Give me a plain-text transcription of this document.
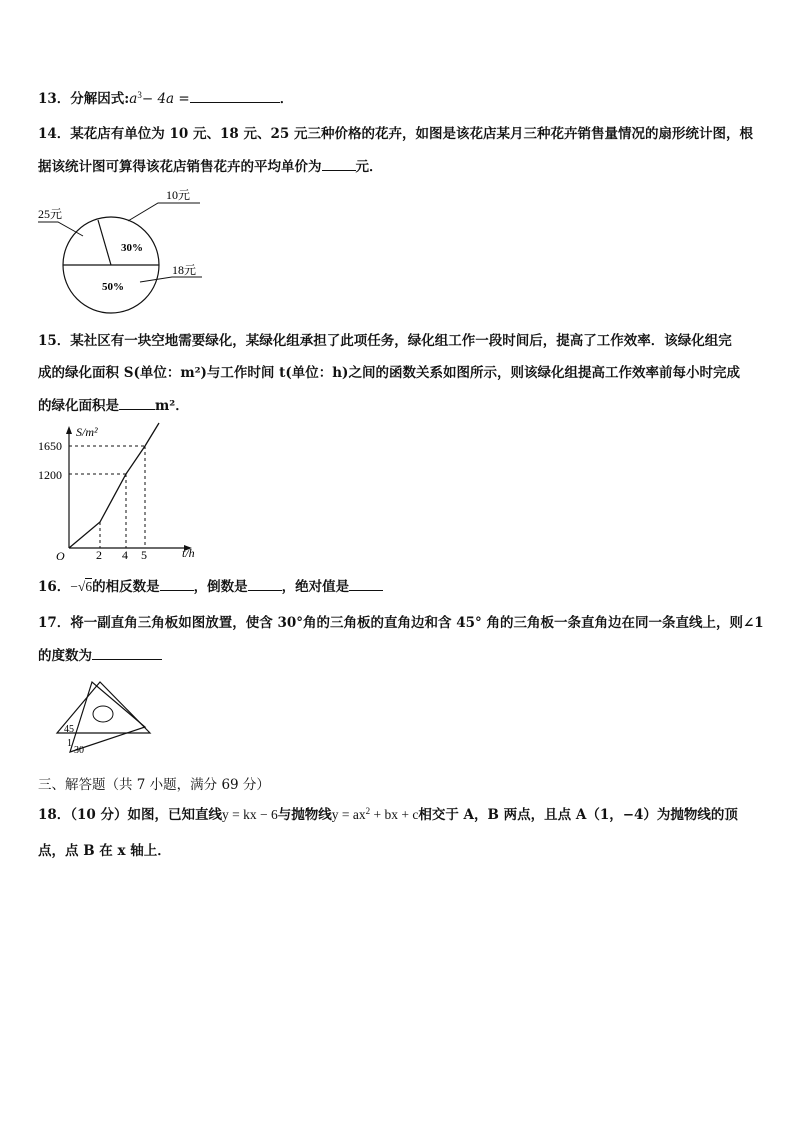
13．分解因式$:a^3- 4a$ =	．
14．某花店有单位为 10 元、18 元、25 元三种价格的花卉，如图是该花店某月三种花卉销售量情况的扇形统计图，根
据该统计图可算得该花店销售花卉的平均单价为	元．
10元
25元
18元
30%
50%
15．某社区有一块空地需要绿化，某绿化组承担了此项任务，绿化组工作一段时间后，提高了工作效率．该绿化组完
成的绿化面积 S(单位：m²)与工作时间 t(单位：h)之间的函数关系如图所示，则该绿化组提高工作效率前每小时完成
的绿化面积是	m²．
S/m²
t/h
O
1650
1200
2 4 5
16．−√6的相反数是	，倒数是	，绝对值是
17．将一副直角三角板如图放置，使含 30°角的三角板的直角边和含 45° 角的三角板一条直角边在同一条直线上，则∠1
的度数为
45
1
30
三、解答题（共 7 小题，满分 69 分）
18．（10 分）如图，已知直线y = kx − 6与抛物线$y = ax^2$ + bx + c相交于 A，B 两点，且点 A（1，−4）为抛物线的顶
点，点 B 在 x 轴上．
